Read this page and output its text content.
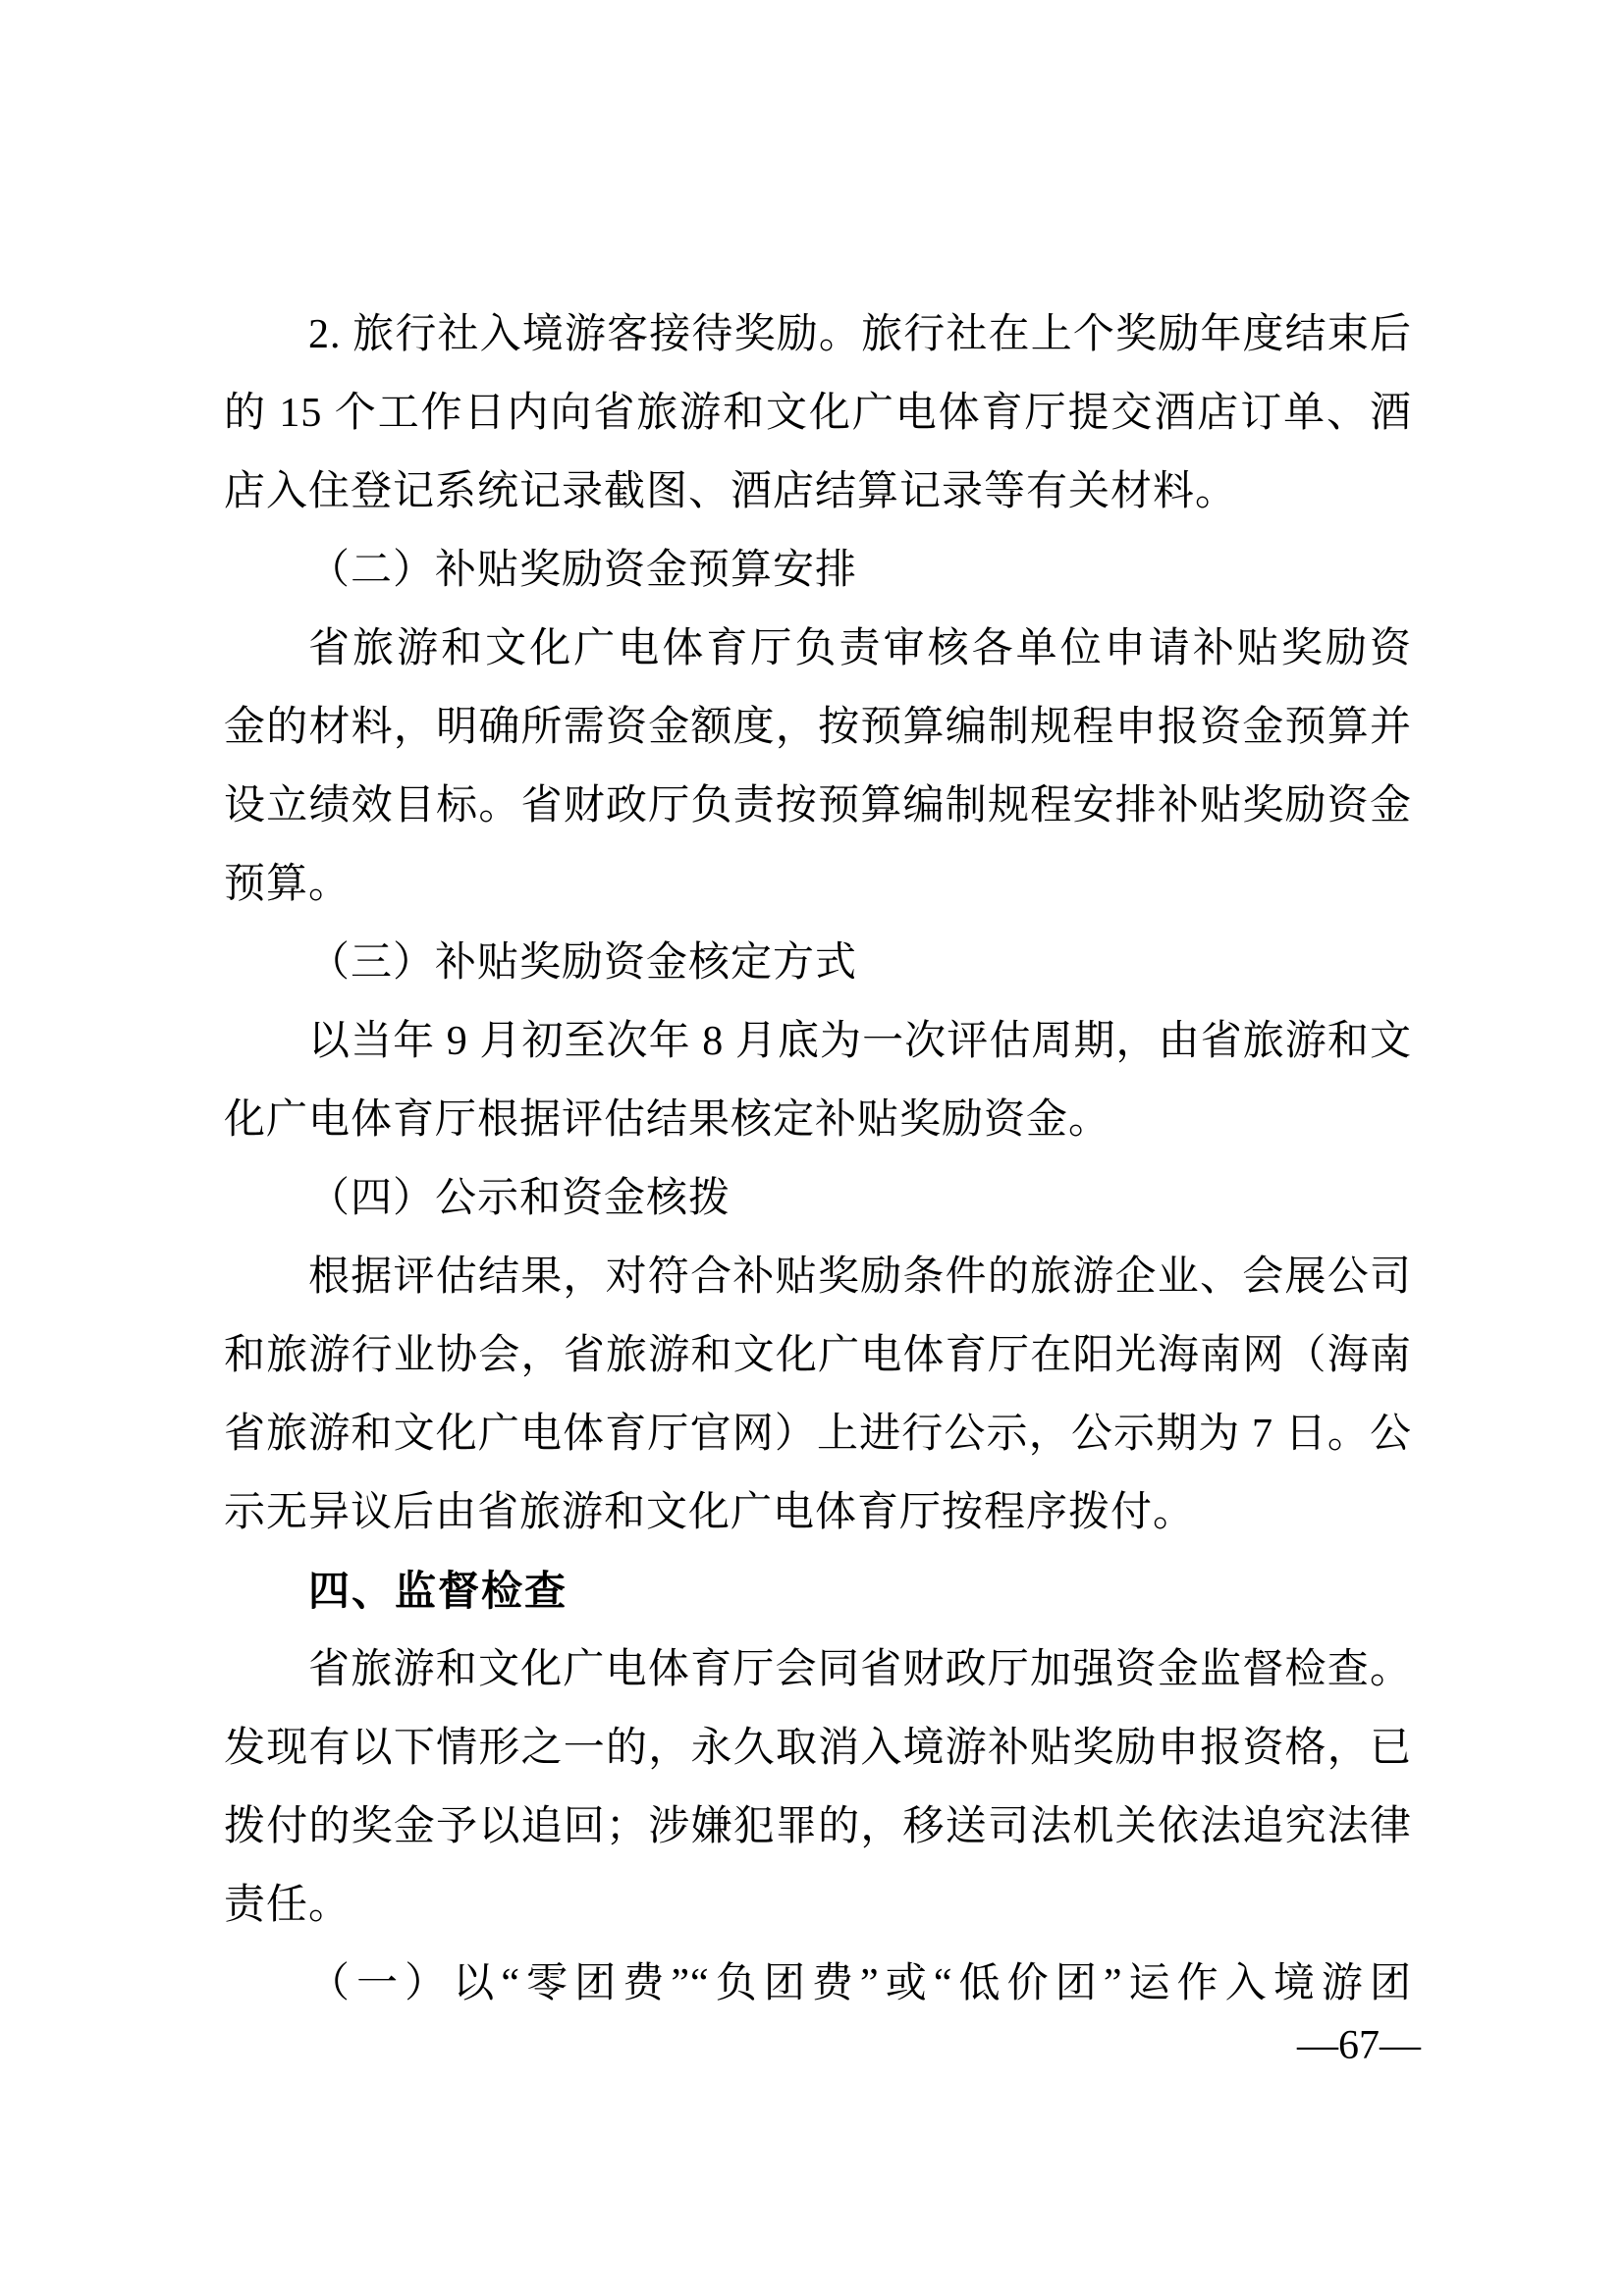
2. 旅行社入境游客接待奖励。旅行社在上个奖励年度结束后
的 15 个工作日内向省旅游和文化广电体育厅提交酒店订单、酒
店入住登记系统记录截图、酒店结算记录等有关材料。
（二）补贴奖励资金预算安排
省旅游和文化广电体育厅负责审核各单位申请补贴奖励资
金的材料，明确所需资金额度，按预算编制规程申报资金预算并
设立绩效目标。省财政厅负责按预算编制规程安排补贴奖励资金
预算。
（三）补贴奖励资金核定方式
以当年 9 月初至次年 8 月底为一次评估周期，由省旅游和文
化广电体育厅根据评估结果核定补贴奖励资金。
（四）公示和资金核拨
根据评估结果，对符合补贴奖励条件的旅游企业、会展公司
和旅游行业协会，省旅游和文化广电体育厅在阳光海南网（海南
省旅游和文化广电体育厅官网）上进行公示，公示期为 7 日。公
示无异议后由省旅游和文化广电体育厅按程序拨付。
四、监督检查
省旅游和文化广电体育厅会同省财政厅加强资金监督检查。
发现有以下情形之一的，永久取消入境游补贴奖励申报资格，已
拨付的奖金予以追回；涉嫌犯罪的，移送司法机关依法追究法律
责任。
（一）以“零团费”“负团费”或“低价团”运作入境游团
—67—
